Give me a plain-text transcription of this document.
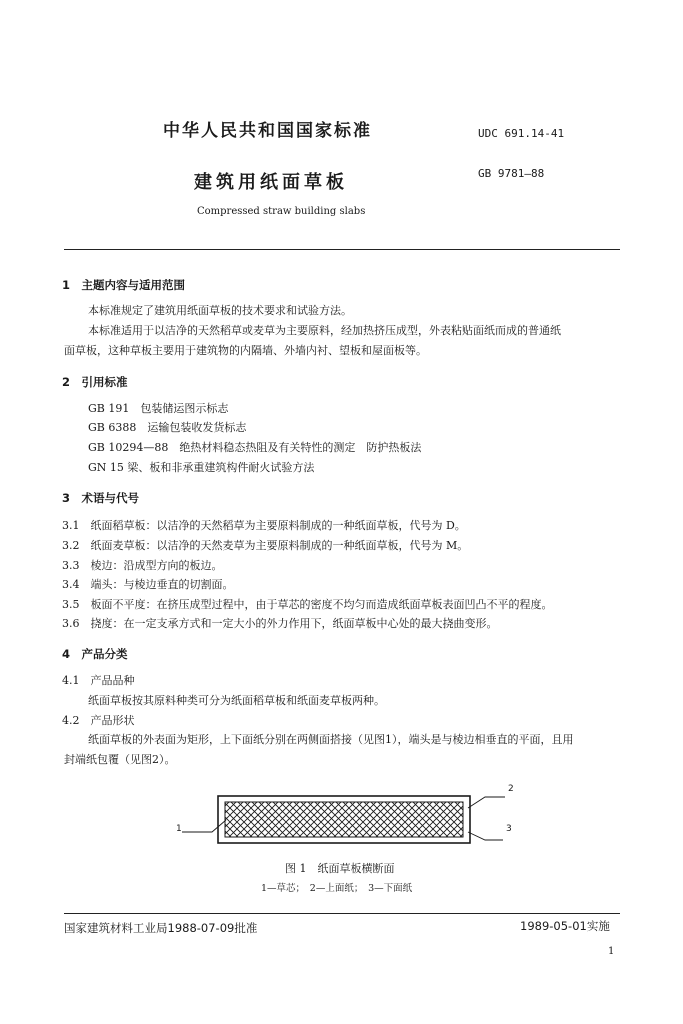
中华人民共和国国家标准	UDC 691.14-41
建筑用纸面草板	GB 9781—88
Compressed straw building slabs
1　主题内容与适用范围
本标准规定了建筑用纸面草板的技术要求和试验方法。
本标准适用于以洁净的天然稻草或麦草为主要原料，经加热挤压成型，外表粘贴面纸而成的普通纸
面草板，这种草板主要用于建筑物的内隔墙、外墙内衬、望板和屋面板等。
2　引用标准
GB 191　包装储运图示标志
GB 6388　运输包装收发货标志
GB 10294—88　绝热材料稳态热阻及有关特性的测定　防护热板法
GN 15 梁、板和非承重建筑构件耐火试验方法
3　术语与代号
3.1　纸面稻草板：以洁净的天然稻草为主要原料制成的一种纸面草板，代号为 D。
3.2　纸面麦草板：以洁净的天然麦草为主要原料制成的一种纸面草板，代号为 M。
3.3　棱边：沿成型方向的板边。
3.4　端头：与棱边垂直的切割面。
3.5　板面不平度：在挤压成型过程中，由于草芯的密度不均匀而造成纸面草板表面凹凸不平的程度。
3.6　挠度：在一定支承方式和一定大小的外力作用下，纸面草板中心处的最大挠曲变形。
4　产品分类
4.1　产品品种
纸面草板按其原料种类可分为纸面稻草板和纸面麦草板两种。
4.2　产品形状
纸面草板的外表面为矩形，上下面纸分别在两侧面搭接（见图1），端头是与棱边相垂直的平面，且用
封端纸包覆（见图2）。
1
2
3
图 1　纸面草板横断面
1—草芯；　2—上面纸；　3—下面纸
国家建筑材料工业局1988-07-09批准	1989-05-01实施
1
